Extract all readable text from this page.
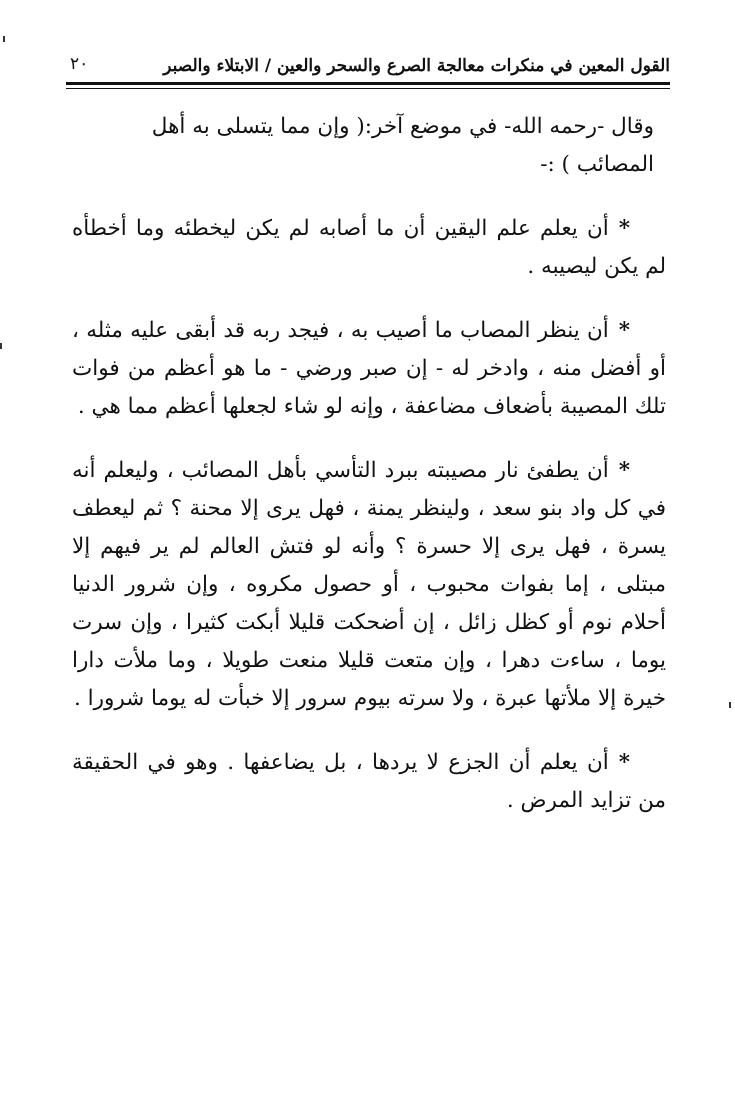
القول المعين في منكرات معالجة الصرع والسحر والعين / الابتلاء والصبر
٢٠

وقال -رحمه الله- في موضع آخر:( وإن مما يتسلى به أهل المصائب ) :-

*أن يعلم علم اليقين أن ما أصابه لم يكن ليخطئه وما أخطأه لم يكن ليصيبه .

*أن ينظر المصاب ما أصيب به ، فيجد ربه قد أبقى عليه مثله ، أو أفضل منه ، وادخر له - إن صبر ورضي - ما هو أعظم من فوات تلك المصيبة بأضعاف مضاعفة ، وإنه لو شاء لجعلها أعظم مما هي .

*أن يطفئ نار مصيبته ببرد التأسي بأهل المصائب ، وليعلم أنه في كل واد بنو سعد ، ولينظر يمنة ، فهل يرى إلا محنة ؟ ثم ليعطف يسرة ، فهل يرى إلا حسرة ؟ وأنه لو فتش العالم لم ير فيهم إلا مبتلى ، إما بفوات محبوب ، أو حصول مكروه ، وإن شرور الدنيا أحلام نوم أو كظل زائل ، إن أضحكت قليلا أبكت كثيرا ، وإن سرت يوما ، ساءت دهرا ، وإن متعت قليلا منعت طويلا ، وما ملأت دارا خيرة إلا ملأتها عبرة ، ولا سرته بيوم سرور إلا خبأت له يوما شرورا .

*أن يعلم أن الجزع لا يردها ، بل يضاعفها . وهو في الحقيقة من تزايد المرض .
